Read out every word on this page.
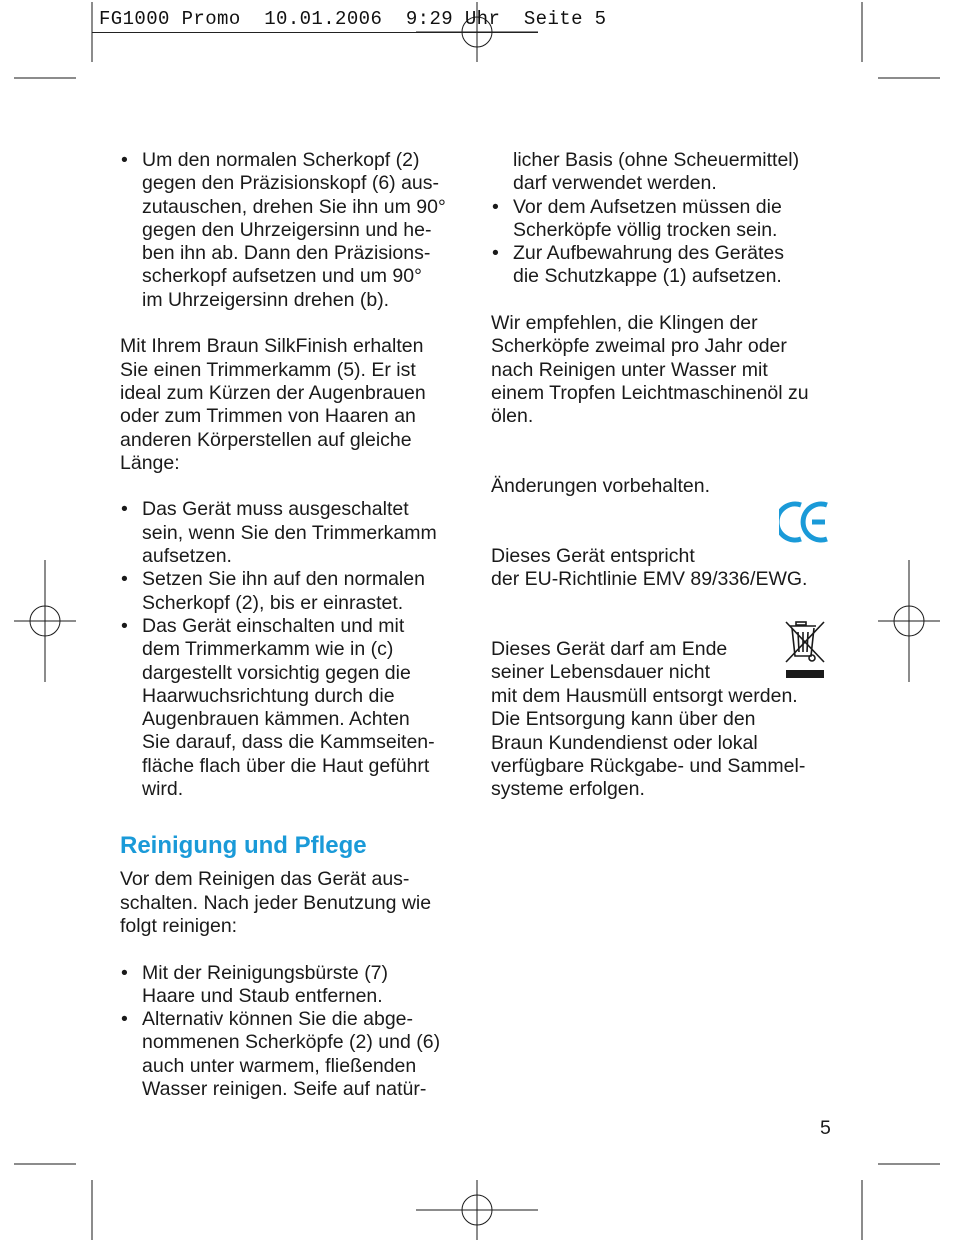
FG1000 Promo  10.01.2006  9:29 Uhr  Seite 5
• Um den normalen Scherkopf (2)
gegen den Präzisionskopf (6) aus-
zutauschen, drehen Sie ihn um 90°
gegen den Uhrzeigersinn und he-
ben ihn ab. Dann den Präzisions-
scherkopf aufsetzen und um 90°
im Uhrzeigersinn drehen (b).

Mit Ihrem Braun SilkFinish erhalten
Sie einen Trimmerkamm (5). Er ist
ideal zum Kürzen der Augenbrauen
oder zum Trimmen von Haaren an
anderen Körperstellen auf gleiche
Länge:

• Das Gerät muss ausgeschaltet
sein, wenn Sie den Trimmerkamm
aufsetzen.
• Setzen Sie ihn auf den normalen
Scherkopf (2), bis er einrastet.
• Das Gerät einschalten und mit
dem Trimmerkamm wie in (c)
dargestellt vorsichtig gegen die
Haarwuchsrichtung durch die
Augenbrauen kämmen. Achten
Sie darauf, dass die Kammseiten-
fläche flach über die Haut geführt
wird.
Reinigung und Pflege

Vor dem Reinigen das Gerät aus-
schalten. Nach jeder Benutzung wie
folgt reinigen:

• Mit der Reinigungsbürste (7)
Haare und Staub entfernen.
• Alternativ können Sie die abge-
nommenen Scherköpfe (2) und (6)
auch unter warmem, fließenden
Wasser reinigen. Seife auf natür-

licher Basis (ohne Scheuermittel)
darf verwendet werden.

• Vor dem Aufsetzen müssen die
Scherköpfe völlig trocken sein.
• Zur Aufbewahrung des Gerätes
die Schutzkappe (1) aufsetzen.

Wir empfehlen, die Klingen der
Scherköpfe zweimal pro Jahr oder
nach Reinigen unter Wasser mit
einem Tropfen Leichtmaschinenöl zu
ölen.

Änderungen vorbehalten.
Dieses Gerät entspricht
der EU-Richtlinie EMV 89/336/EWG.
Dieses Gerät darf am Ende
seiner Lebensdauer nicht
mit dem Hausmüll entsorgt werden.
Die Entsorgung kann über den
Braun Kundendienst oder lokal
verfügbare Rückgabe- und Sammel-
systeme erfolgen.
5
